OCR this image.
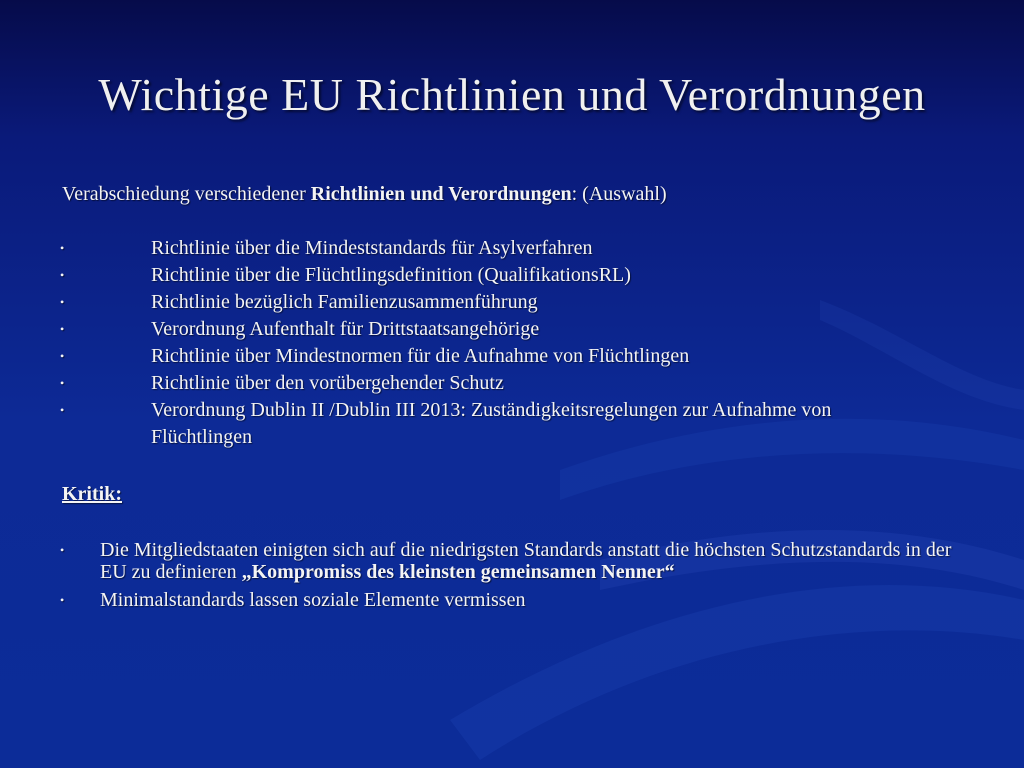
Wichtige EU Richtlinien und Verordnungen
Verabschiedung verschiedener Richtlinien und Verordnungen: (Auswahl)
•	Richtlinie über die Mindeststandards für Asylverfahren
•	Richtlinie über die Flüchtlingsdefinition (QualifikationsRL)
•	Richtlinie bezüglich Familienzusammenführung
•	Verordnung Aufenthalt für Drittstaatsangehörige
•	Richtlinie über Mindestnormen für die Aufnahme von Flüchtlingen
•	Richtlinie über den vorübergehender Schutz
•	Verordnung Dublin II /Dublin III 2013: Zuständigkeitsregelungen zur Aufnahme von Flüchtlingen
Kritik:
• Die Mitgliedstaaten einigten sich auf die niedrigsten Standards anstatt die höchsten Schutzstandards in der EU zu definieren „Kompromiss des kleinsten gemeinsamen Nenner“
• Minimalstandards lassen soziale Elemente vermissen
